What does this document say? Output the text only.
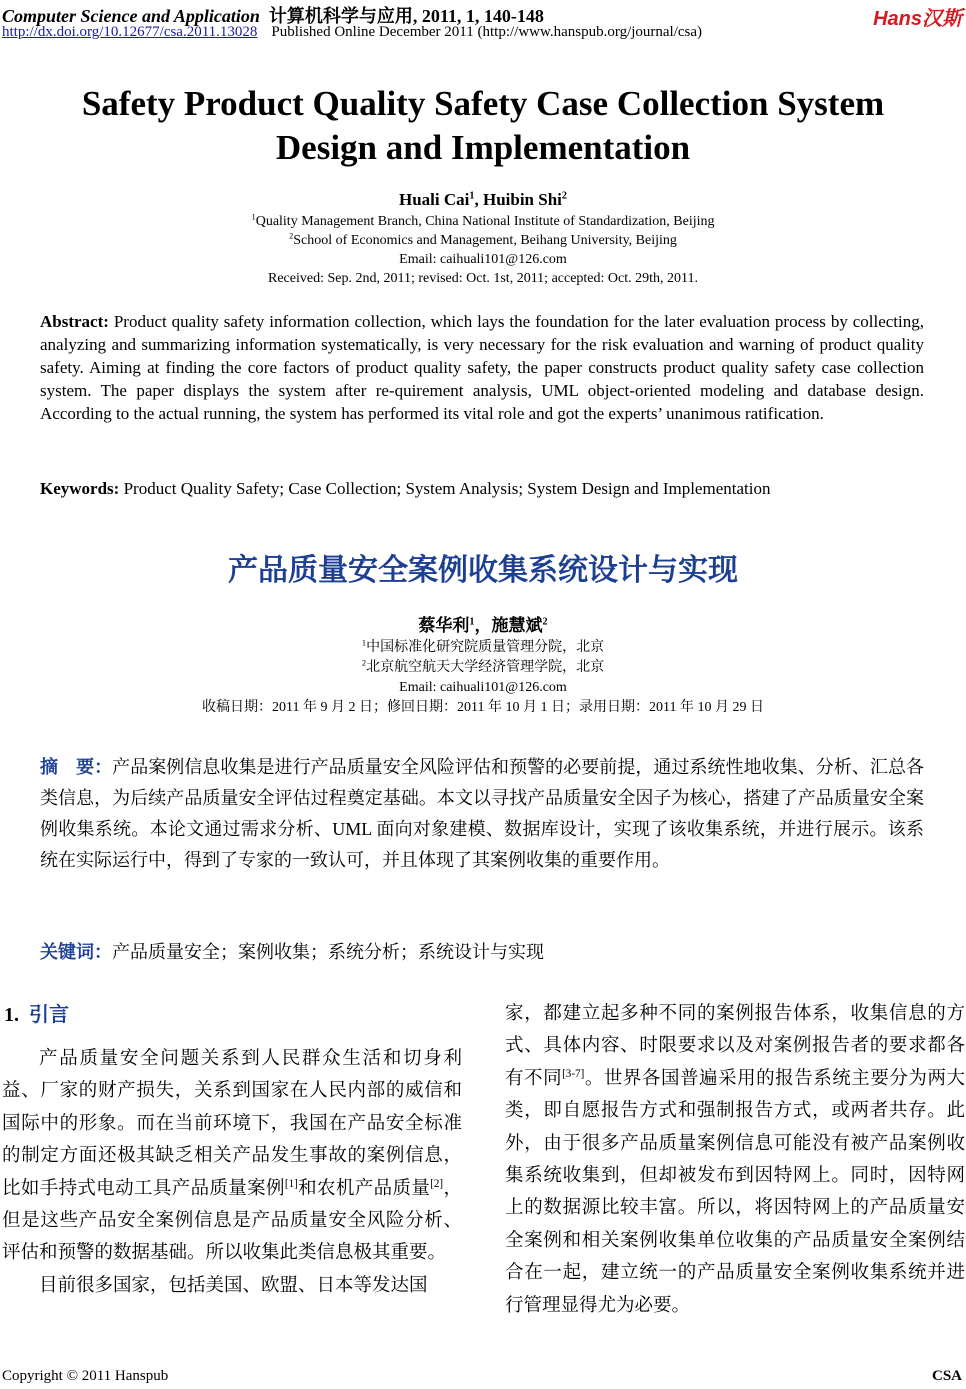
Computer Science and Application 计算机科学与应用, 2011, 1, 140-148
http://dx.doi.org/10.12677/csa.2011.13028 Published Online December 2011 (http://www.hanspub.org/journal/csa)
Hans汉斯
Safety Product Quality Safety Case Collection System
Design and Implementation
Huali Cai$^1$, Huibin Shi$^2$
$^1$Quality Management Branch, China National Institute of Standardization, Beijing
$^2$School of Economics and Management, Beihang University, Beijing
Email: caihuali101@126.com
Received: Sep. 2nd, 2011; revised: Oct. 1st, 2011; accepted: Oct. 29th, 2011.
Abstract: Product quality safety information collection, which lays the foundation for the later evaluation process by collecting, analyzing and summarizing information systematically, is very necessary for the risk evaluation and warning of product quality safety. Aiming at finding the core factors of product quality safety, the paper constructs product quality safety case collection system. The paper displays the system after re-quirement analysis, UML object-oriented modeling and database design. According to the actual running, the system has performed its vital role and got the experts’ unanimous ratification.
Keywords: Product Quality Safety; Case Collection; System Analysis; System Design and Implementation
产品质量安全案例收集系统设计与实现
蔡华利$^1$，施慧斌$^2$
$^1$中国标准化研究院质量管理分院，北京
$^2$北京航空航天大学经济管理学院，北京
Email: caihuali101@126.com
收稿日期：2011 年 9 月 2 日；修回日期：2011 年 10 月 1 日；录用日期：2011 年 10 月 29 日
摘　要：产品案例信息收集是进行产品质量安全风险评估和预警的必要前提，通过系统性地收集、分析、汇总各类信息，为后续产品质量安全评估过程奠定基础。本文以寻找产品质量安全因子为核心，搭建了产品质量安全案例收集系统。本论文通过需求分析、UML 面向对象建模、数据库设计，实现了该收集系统，并进行展示。该系统在实际运行中，得到了专家的一致认可，并且体现了其案例收集的重要作用。
关键词：产品质量安全；案例收集；系统分析；系统设计与实现
1. 引言

产品质量安全问题关系到人民群众生活和切身利益、厂家的财产损失，关系到国家在人民内部的威信和国际中的形象。而在当前环境下，我国在产品安全标准的制定方面还极其缺乏相关产品发生事故的案例信息，比如手持式电动工具产品质量案例[1]和农机产品质量[2]，但是这些产品安全案例信息是产品质量安全风险分析、评估和预警的数据基础。所以收集此类信息极其重要。

目前很多国家，包括美国、欧盟、日本等发达国

家，都建立起多种不同的案例报告体系，收集信息的方式、具体内容、时限要求以及对案例报告者的要求都各有不同[3-7]。世界各国普遍采用的报告系统主要分为两大类，即自愿报告方式和强制报告方式，或两者共存。此外，由于很多产品质量案例信息可能没有被产品案例收集系统收集到，但却被发布到因特网上。同时，因特网上的数据源比较丰富。所以，将因特网上的产品质量安全案例和相关案例收集单位收集的产品质量安全案例结合在一起，建立统一的产品质量安全案例收集系统并进行管理显得尤为必要。

Copyright © 2011 Hanspub	CSA
